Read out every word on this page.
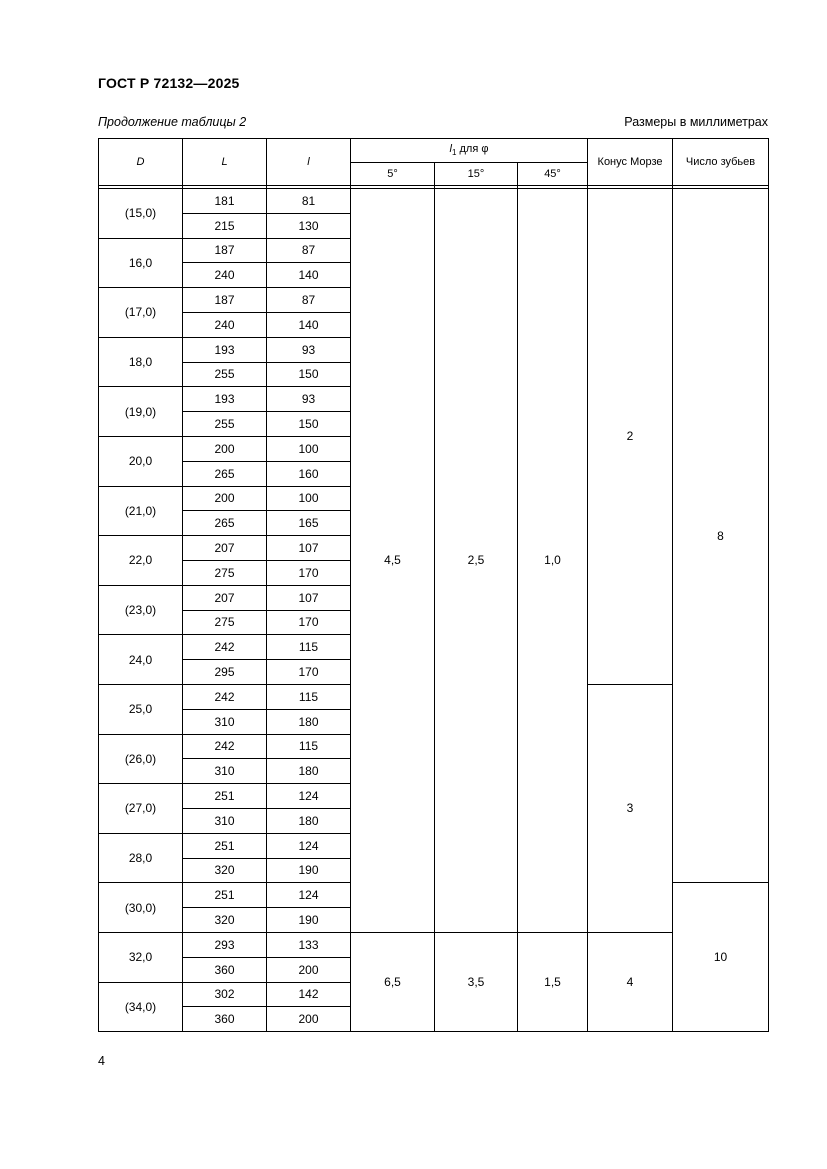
ГОСТ Р 72132—2025
Продолжение таблицы 2	Размеры в миллиметрах
D	L	l	$l_1$ для φ			Конус Морзе	Число зубьев
			5°	15°	45°		

(15,0)	181	81	4,5	2,5	1,0	2	8
	215	130					
16,0	187	87					
	240	140					
(17,0)	187	87					
	240	140					
18,0	193	93					
	255	150					
(19,0)	193	93					
	255	150					
20,0	200	100					
	265	160					
(21,0)	200	100					
	265	165					
22,0	207	107					
	275	170					
(23,0)	207	107					
	275	170					
24,0	242	115					
	295	170					
25,0	242	115				3	
	310	180					
(26,0)	242	115					
	310	180					
(27,0)	251	124					
	310	180					
28,0	251	124					
	320	190					
(30,0)	251	124					10
	320	190					
32,0	293	133	6,5	3,5	1,5	4	
	360	200					
(34,0)	302	142					
	360	200					
4
